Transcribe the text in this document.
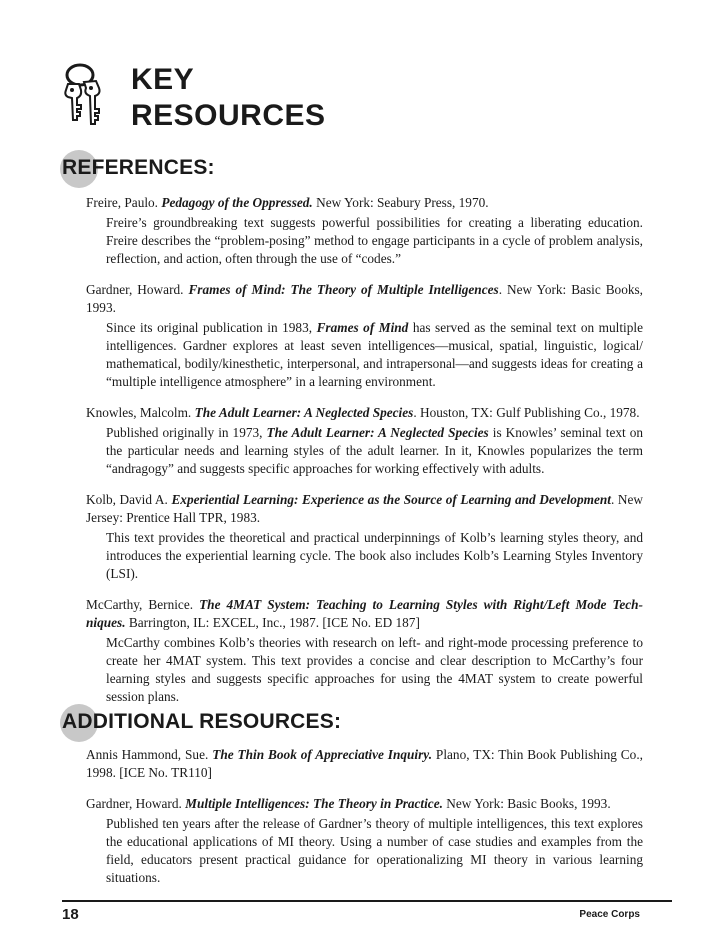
KEY
RESOURCES
REFERENCES:

Freire, Paulo. Pedagogy of the Oppressed. New York: Seabury Press, 1970.

Freire’s groundbreaking text suggests powerful possibilities for creating a liberating education. Freire describes the “problem-posing” method to engage participants in a cycle of problem analysis, reflection, and action, often through the use of “codes.”

Gardner, Howard. Frames of Mind: The Theory of Multiple Intelligences. New York: Basic Books, 1993.

Since its original publication in 1983, Frames of Mind has served as the seminal text on multiple intelligences. Gardner explores at least seven intelligences—musical, spatial, linguistic, logical/ mathematical, bodily/kinesthetic, interpersonal, and intrapersonal—and suggests ideas for creating a “multiple intelligence atmosphere” in a learning environment.

Knowles, Malcolm. The Adult Learner: A Neglected Species. Houston, TX: Gulf Publishing Co., 1978.

Published originally in 1973, The Adult Learner: A Neglected Species is Knowles’ seminal text on the particular needs and learning styles of the adult learner. In it, Knowles popularizes the term “andragogy” and suggests specific approaches for working effectively with adults.

Kolb, David A. Experiential Learning: Experience as the Source of Learning and Development. New Jersey: Prentice Hall TPR, 1983.

This text provides the theoretical and practical underpinnings of Kolb’s learning styles theory, and introduces the experiential learning cycle. The book also includes Kolb’s Learning Styles Inventory (LSI).

McCarthy, Bernice. The 4MAT System: Teaching to Learning Styles with Right/Left Mode Tech-niques. Barrington, IL: EXCEL, Inc., 1987. [ICE No. ED 187]

McCarthy combines Kolb’s theories with research on left- and right-mode processing preference to create her 4MAT system. This text provides a concise and clear description to McCarthy’s four learning styles and suggests specific approaches for using the 4MAT system to create powerful session plans.

ADDITIONAL RESOURCES:

Annis Hammond, Sue. The Thin Book of Appreciative Inquiry. Plano, TX: Thin Book Publishing Co., 1998. [ICE No. TR110]

Gardner, Howard. Multiple Intelligences: The Theory in Practice. New York: Basic Books, 1993.

Published ten years after the release of Gardner’s theory of multiple intelligences, this text explores the educational applications of MI theory. Using a number of case studies and examples from the field, educators present practical guidance for operationalizing MI theory in various learning situations.

18	Peace Corps
